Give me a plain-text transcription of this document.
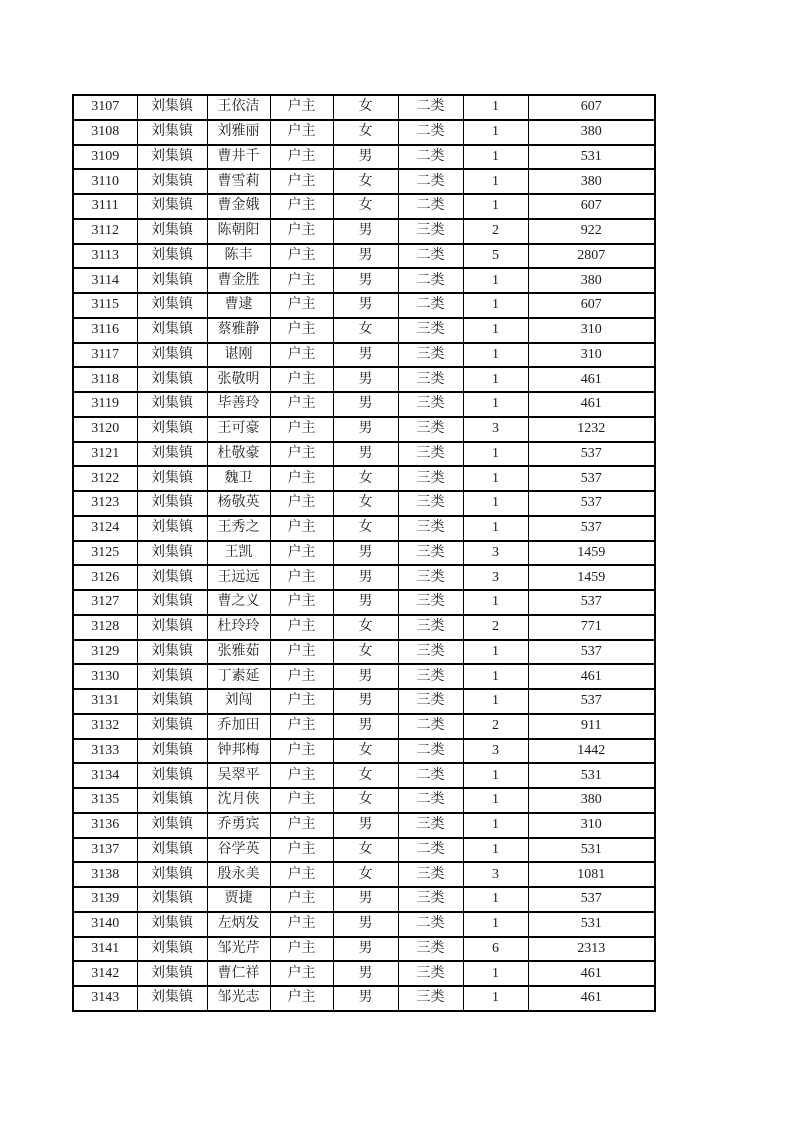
3107	刘集镇	王依洁	户主	女	二类	1	607
3108	刘集镇	刘雅丽	户主	女	二类	1	380
3109	刘集镇	曹井千	户主	男	二类	1	531
3110	刘集镇	曹雪莉	户主	女	二类	1	380
3111	刘集镇	曹金娥	户主	女	二类	1	607
3112	刘集镇	陈朝阳	户主	男	三类	2	922
3113	刘集镇	陈丰	户主	男	二类	5	2807
3114	刘集镇	曹金胜	户主	男	二类	1	380
3115	刘集镇	曹逮	户主	男	二类	1	607
3116	刘集镇	蔡雅静	户主	女	三类	1	310
3117	刘集镇	谌刚	户主	男	三类	1	310
3118	刘集镇	张敬明	户主	男	三类	1	461
3119	刘集镇	毕善玲	户主	男	三类	1	461
3120	刘集镇	王可豪	户主	男	三类	3	1232
3121	刘集镇	杜敬豪	户主	男	三类	1	537
3122	刘集镇	魏卫	户主	女	三类	1	537
3123	刘集镇	杨敬英	户主	女	三类	1	537
3124	刘集镇	王秀之	户主	女	三类	1	537
3125	刘集镇	王凯	户主	男	三类	3	1459
3126	刘集镇	王远远	户主	男	三类	3	1459
3127	刘集镇	曹之义	户主	男	三类	1	537
3128	刘集镇	杜玲玲	户主	女	三类	2	771
3129	刘集镇	张雅茹	户主	女	三类	1	537
3130	刘集镇	丁素延	户主	男	三类	1	461
3131	刘集镇	刘闯	户主	男	三类	1	537
3132	刘集镇	乔加田	户主	男	二类	2	911
3133	刘集镇	钟邦梅	户主	女	二类	3	1442
3134	刘集镇	吴翠平	户主	女	二类	1	531
3135	刘集镇	沈月侠	户主	女	二类	1	380
3136	刘集镇	乔勇宾	户主	男	三类	1	310
3137	刘集镇	谷学英	户主	女	二类	1	531
3138	刘集镇	殷永美	户主	女	三类	3	1081
3139	刘集镇	贾捷	户主	男	三类	1	537
3140	刘集镇	左炳发	户主	男	二类	1	531
3141	刘集镇	邹光芹	户主	男	三类	6	2313
3142	刘集镇	曹仁祥	户主	男	三类	1	461
3143	刘集镇	邹光志	户主	男	三类	1	461
